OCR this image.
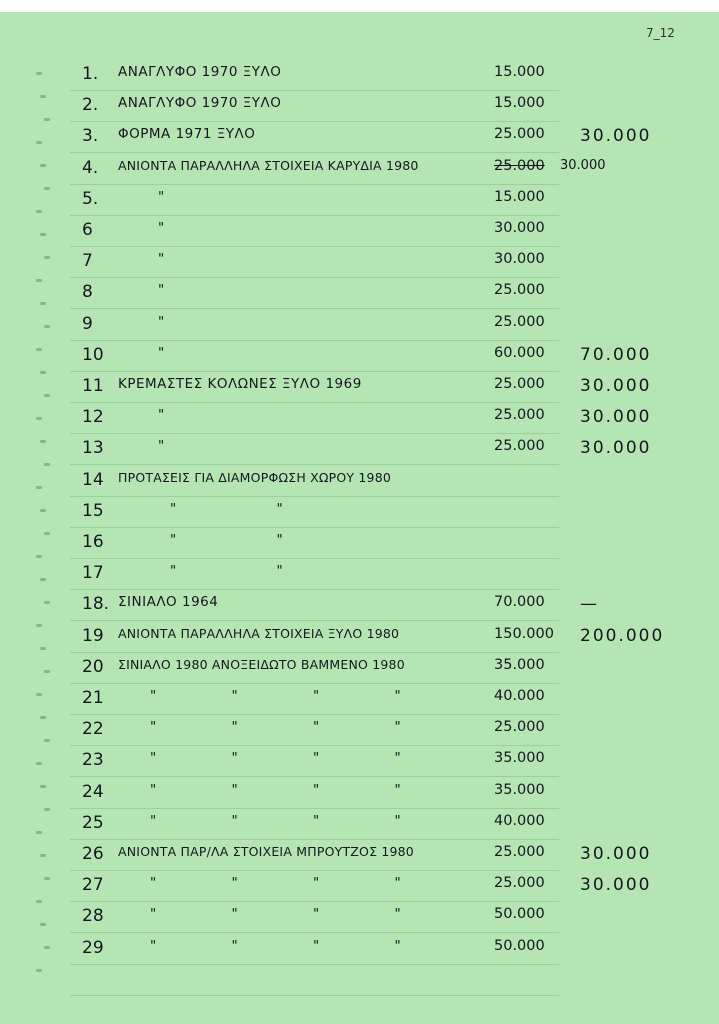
7_12
1. ΑΝΑΓΛΥΦΟ 1970 ΞΥΛΟ	15.000
2. ΑΝΑΓΛΥΦΟ 1970 ΞΥΛΟ	15.000
3. ΦΟΡΜΑ 1971 ΞΥΛΟ	25.000 30.000
4. ΑΝΙΟΝΤΑ ΠΑΡΑΛΛΗΛΑ ΣΤΟΙΧΕΙΑ ΚΑΡΥΔΙΑ 1980	25.000 30.000
5.	"	15.000
6	"	30.000
7	"	30.000
8	"	25.000
9	"	25.000
10	"	60.000 70.000
11 ΚΡΕΜΑΣΤΕΣ ΚΟΛΩΝΕΣ ΞΥΛΟ 1969	25.000 30.000
12	"	25.000 30.000
13	"	25.000 30.000
14 ΠΡΟΤΑΣΕΙΣ ΓΙΑ ΔΙΑΜΟΡΦΩΣΗ ΧΩΡΟΥ 1980
15	" "
16	" "
17	" "
18. ΣΙΝΙΑΛΟ 1964	70.000 —
19 ΑΝΙΟΝΤΑ ΠΑΡΑΛΛΗΛΑ ΣΤΟΙΧΕΙΑ ΞΥΛΟ 1980	150.000 200.000
20 ΣΙΝΙΑΛΟ 1980 ΑΝΟΞΕΙΔΩΤΟ ΒΑΜΜΕΝΟ 1980	35.000
21	" " " "	40.000
22	" " " "	25.000
23	" " " "	35.000
24	" " " "	35.000
25	" " " "	40.000
26 ΑΝΙΟΝΤΑ ΠΑΡ/ΛΑ ΣΤΟΙΧΕΙΑ ΜΠΡΟΥΤΖΟΣ 1980	25.000 30.000
27	" " " "	25.000 30.000
28	" " " "	50.000
29	" " " "	50.000
